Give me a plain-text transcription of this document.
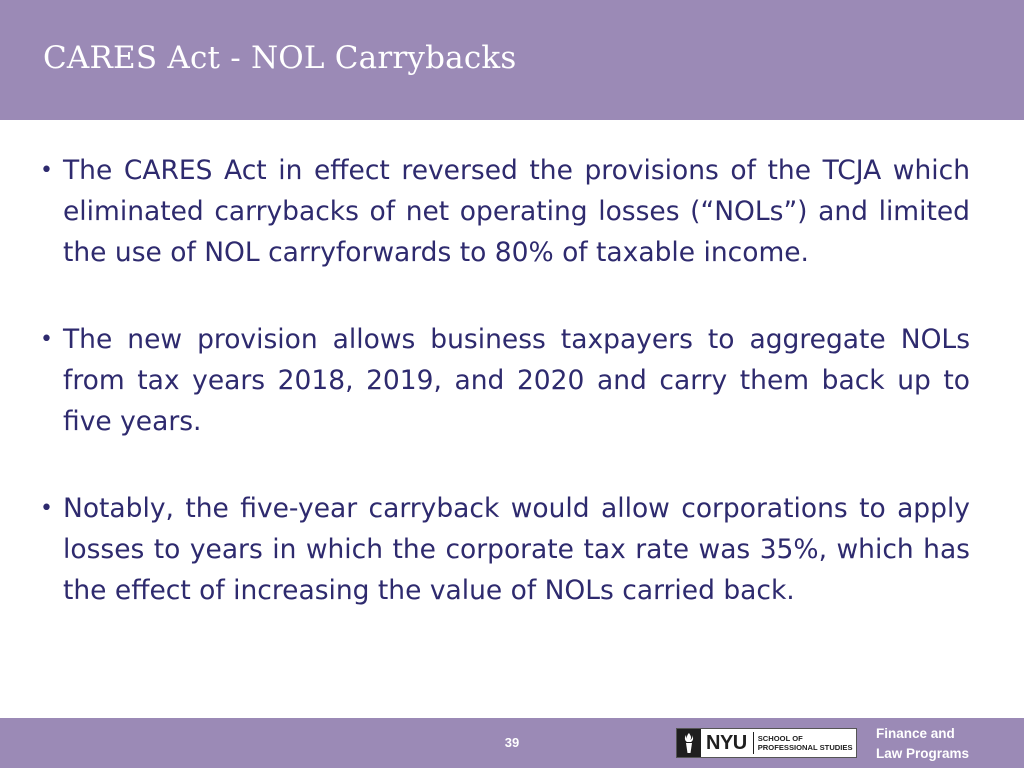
CARES Act - NOL Carrybacks
• The CARES Act in effect reversed the provisions of the TCJA which eliminated carrybacks of net operating losses (“NOLs”) and limited the use of NOL carryforwards to 80% of taxable income.
• The new provision allows business taxpayers to aggregate NOLs from tax years 2018, 2019, and 2020 and carry them back up to five years.
• Notably, the five-year carryback would allow corporations to apply losses to years in which the corporate tax rate was 35%, which has the effect of increasing the value of NOLs carried back.
39	NYU	SCHOOL OF
PROFESSIONAL STUDIES
Finance and
Law Programs
